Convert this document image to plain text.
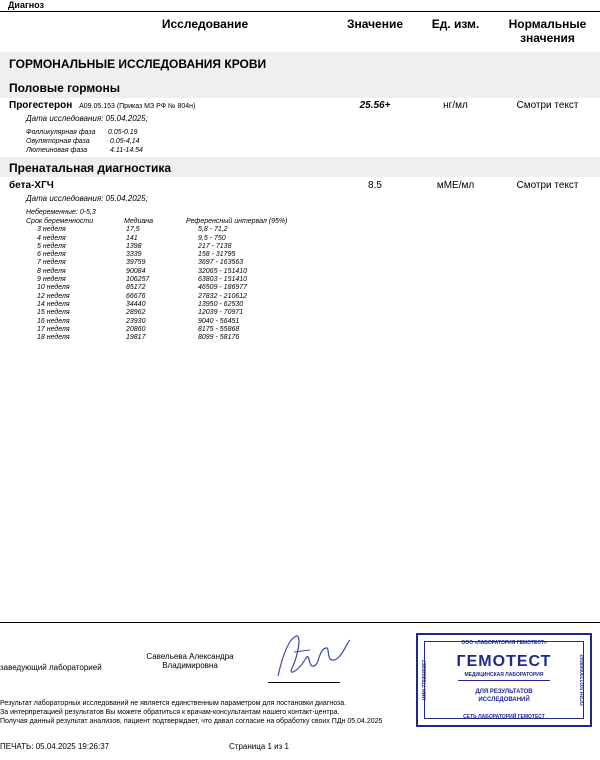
Диагноз
Исследование	Значение	Ед. изм.	Нормальные значения
ГОРМОНАЛЬНЫЕ ИССЛЕДОВАНИЯ КРОВИ
Половые гормоны
Прогестерон A09.05.153 (Приказ МЗ РФ № 804н)	25.56+	нг/мл	Смотри текст
Дата исследования: 05.04.2025;
Фолликулярная фаза 0.05-0.19
Овуляторная фаза	0.05-4,14
Лютеиновая фаза	4.11-14.54
Пренатальная диагностика
бета-ХГЧ	8.5	мМЕ/мл	Смотри текст
Дата исследования: 05.04.2025;
Небеременные: 0-5,3
Срок беременности	Медиана	Референсный интервал (95%)
3 неделя	17,5	5,8 - 71,2
4 неделя	141	9,5 - 750
5 неделя	1398	217 - 7138
6 неделя	3339	158 - 31795
7 неделя	39759	3697 - 163563
8 неделя	90084	32065 - 151410
9 неделя	106257	63803 - 151410
10 неделя	85172	46509 - 186977
12 неделя	66676	27832 - 210612
14 неделя	34440	13950 - 62530
15 неделя	28962	12039 - 70971
16 неделя	23930	9040 - 56451
17 неделя	20860	8175 - 55868
18 неделя	19817	8099 - 58176
заведующий лабораторией
Савельева Александра
Владимировна
Результат лабораторных исследований не является единственным параметром для постановки диагноза.
За интерпретацией результатов Вы можете обратиться к врачам-консультантам нашего контакт-центра.
Получая данный результат анализов, пациент подтверждает, что давал согласие на обработку своих ПДн 05.04.2025
ПЕЧАТЬ: 05.04.2025 19:26:37	Страница 1 из 1
ООО «ЛАБОРАТОРИЯ ГЕМОТЕСТ»
ГЕМОТЕСТ
МЕДИЦИНСКАЯ ЛАБОРАТОРИЯ
ДЛЯ РЕЗУЛЬТАТОВ
ИССЛЕДОВАНИЙ
СЕТЬ ЛАБОРАТОРИЙ ГЕМОТЕСТ
ИНН 7703030357	ОГРН 1027700068642
